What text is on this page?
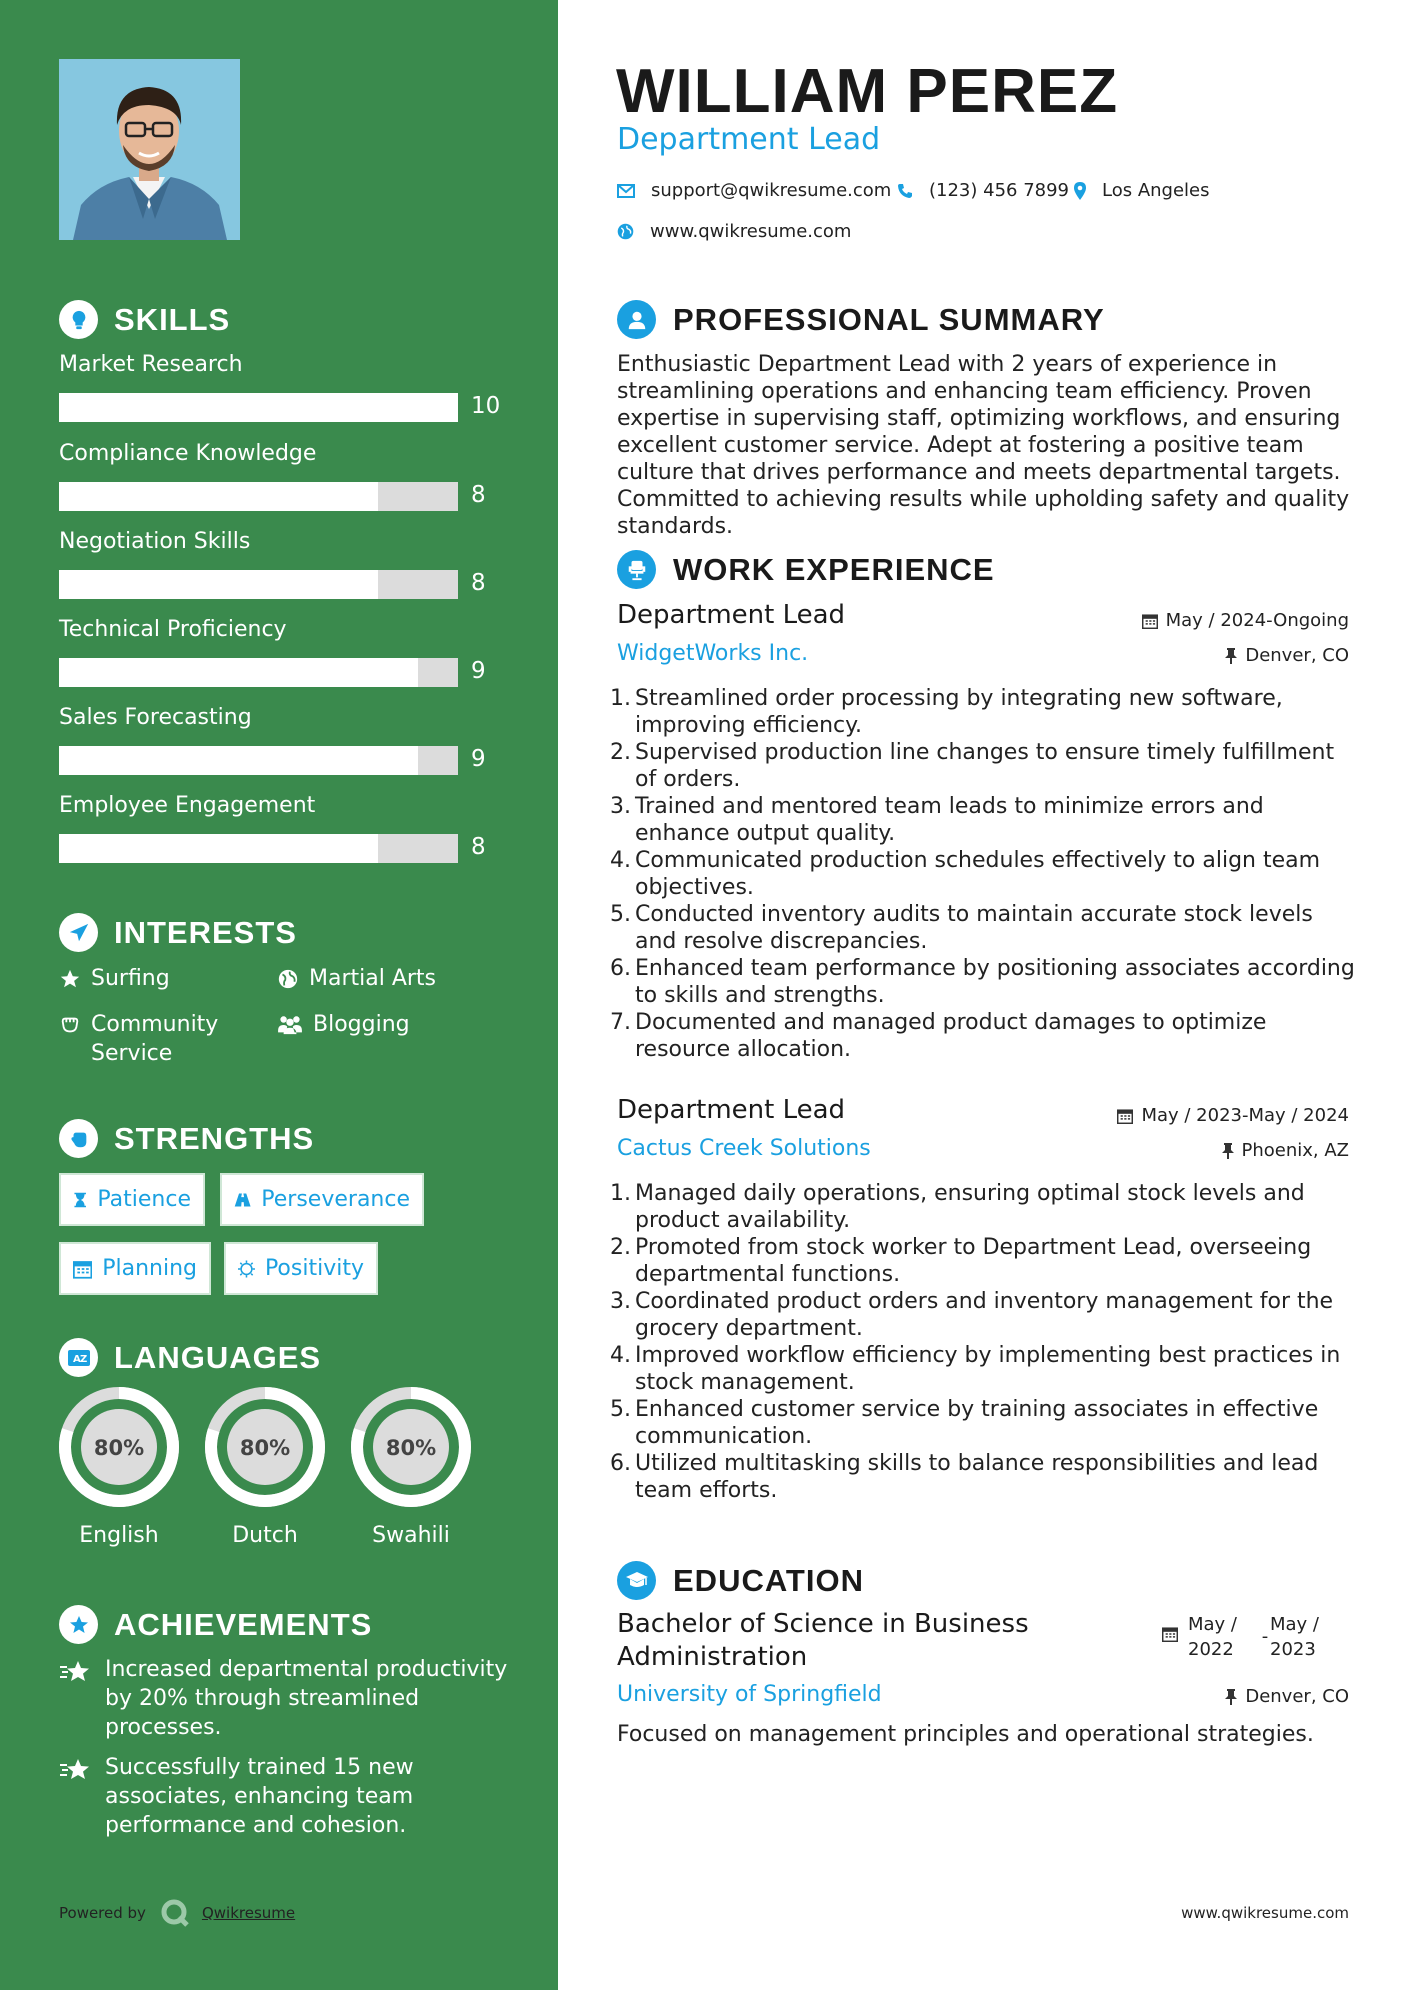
SKILLS
Market Research
10
Compliance Knowledge
8
Negotiation Skills
8
Technical Proficiency
9
Sales Forecasting
9
Employee Engagement
8
INTERESTS
Surfing	Martial Arts
Community Service
Blogging
STRENGTHS
Patience	Perseverance
Planning	Positivity
A Z LANGUAGES
80%
English
80%
Dutch
80%
Swahili
ACHIEVEMENTS
Increased departmental productivity by 20% through streamlined processes.
Successfully trained 15 new associates, enhancing team performance and cohesion.
Powered by	Qwikresume
WILLIAM PEREZ
Department Lead
support@qwikresume.com (123) 456 7899 Los Angeles
www.qwikresume.com
PROFESSIONAL SUMMARY
Enthusiastic Department Lead with 2 years of experience in streamlining operations and enhancing team efficiency. Proven expertise in supervising staff, optimizing workflows, and ensuring excellent customer service. Adept at fostering a positive team culture that drives performance and meets departmental targets. Committed to achieving results while upholding safety and quality standards.
WORK EXPERIENCE
Department Lead	May / 2024-Ongoing
WidgetWorks Inc.	Denver, CO
1. Streamlined order processing by integrating new software, improving efficiency.
2. Supervised production line changes to ensure timely fulfillment of orders.
3. Trained and mentored team leads to minimize errors and enhance output quality.
4. Communicated production schedules effectively to align team objectives.
5. Conducted inventory audits to maintain accurate stock levels and resolve discrepancies.
6. Enhanced team performance by positioning associates according to skills and strengths.
7. Documented and managed product damages to optimize resource allocation.
Department Lead	May / 2023-May / 2024
Cactus Creek Solutions	Phoenix, AZ
1. Managed daily operations, ensuring optimal stock levels and product availability.
2. Promoted from stock worker to Department Lead, overseeing departmental functions.
3. Coordinated product orders and inventory management for the grocery department.
4. Improved workflow efficiency by implementing best practices in stock management.
5. Enhanced customer service by training associates in effective communication.
6. Utilized multitasking skills to balance responsibilities and lead team efforts.
EDUCATION
Bachelor of Science in Business Administration
May / 2022
-
May / 2023
University of Springfield	Denver, CO
Focused on management principles and operational strategies.
www.qwikresume.com
